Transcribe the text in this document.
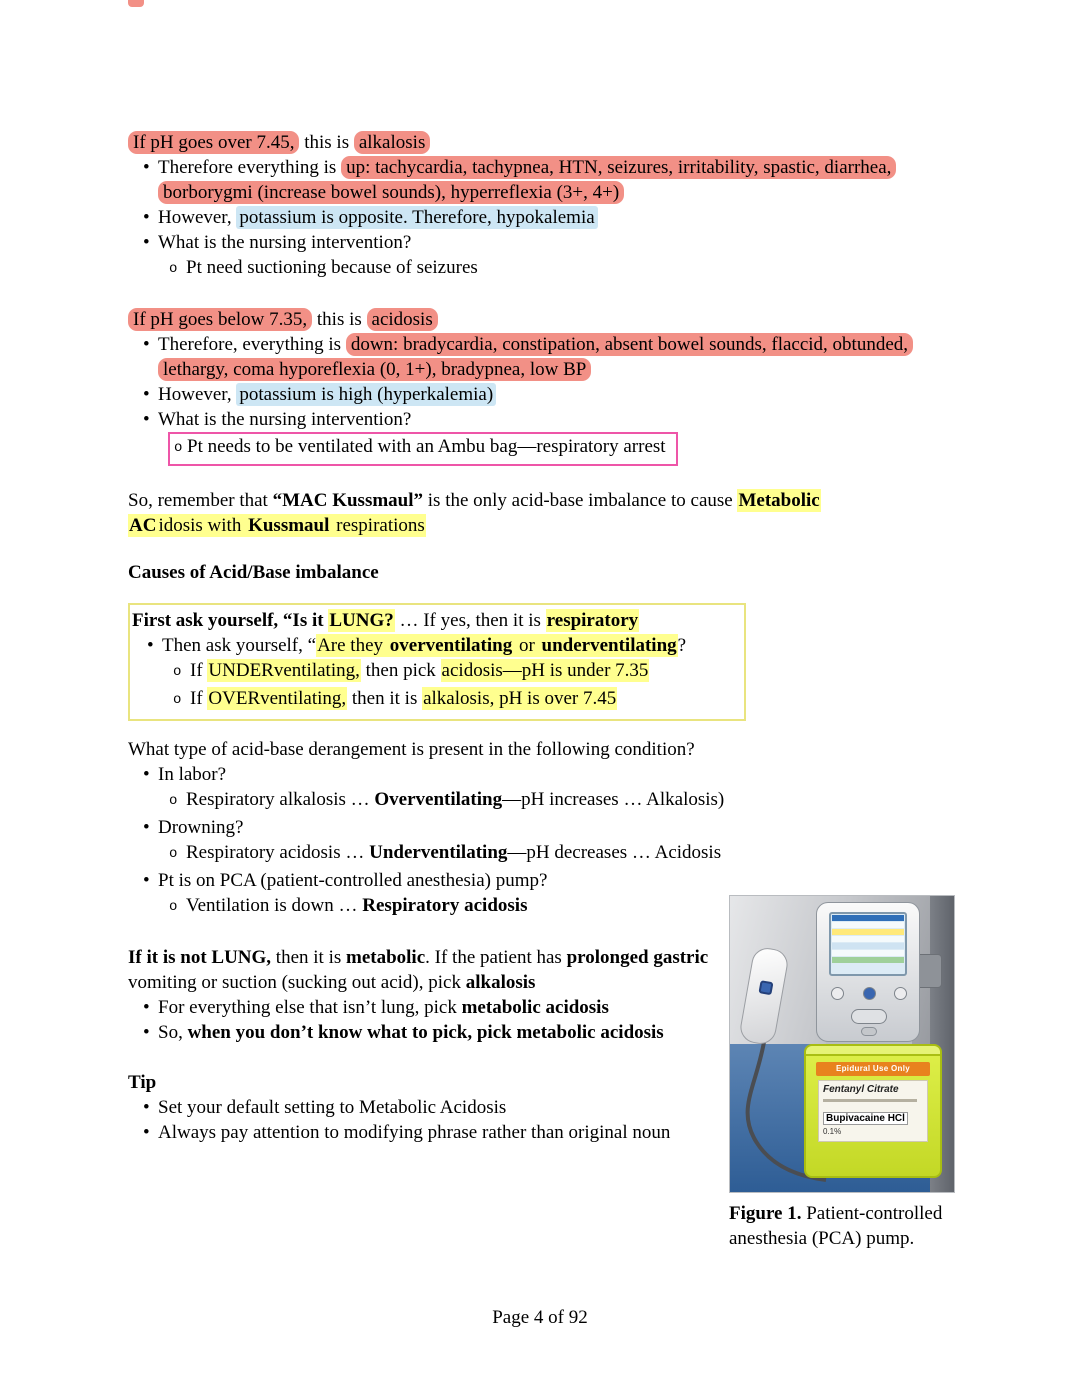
If pH goes over 7.45, this is alkalosis

•
Therefore everything is up: tachycardia, tachypnea, HTN, seizures, irritability, spastic, diarrhea, borborygmi (increase bowel sounds), hyperreflexia (3+, 4+)
•
However, potassium is opposite. Therefore, hypokalemia
•
What is the nursing intervention?
o
Pt need suctioning because of seizures

If pH goes below 7.35, this is acidosis

•
Therefore, everything is down: bradycardia, constipation, absent bowel sounds, flaccid, obtunded, lethargy, coma hyporeflexia (0, 1+), bradypnea, low BP
•
However, potassium is high (hyperkalemia)
•
What is the nursing intervention?
o
Pt needs to be ventilated with an Ambu bag—respiratory arrest

So, remember that “MAC Kussmaul” is the only acid-base imbalance to cause Metabolic AC idosis with Kussmaul respirations

Causes of Acid/Base imbalance

First ask yourself, “Is it LUNG? … If yes, then it is respiratory

•
Then ask yourself, “Are they overventilating or underventilating?
o
If UNDERventilating, then pick acidosis—pH is under 7.35
o
If OVERventilating, then it is alkalosis, pH is over 7.45

What type of acid-base derangement is present in the following condition?

•
In labor?
o
Respiratory alkalosis … Overventilating—pH increases … Alkalosis)
•
Drowning?
o
Respiratory acidosis … Underventilating—pH decreases … Acidosis
•
Pt is on PCA (patient-controlled anesthesia) pump?
o
Ventilation is down … Respiratory acidosis

If it is not LUNG, then it is metabolic. If the patient has prolonged gastric vomiting or suction (sucking out acid), pick alkalosis

•
For everything else that isn’t lung, pick metabolic acidosis
•
So, when you don’t know what to pick, pick metabolic acidosis

Tip

•
Set your default setting to Metabolic Acidosis
•
Always pay attention to modifying phrase rather than original noun
Epidural Use Only
Fentanyl Citrate
Bupivacaine HCl
0.1%

Figure 1. Patient-controlled anesthesia (PCA) pump.

Page 4 of 92
